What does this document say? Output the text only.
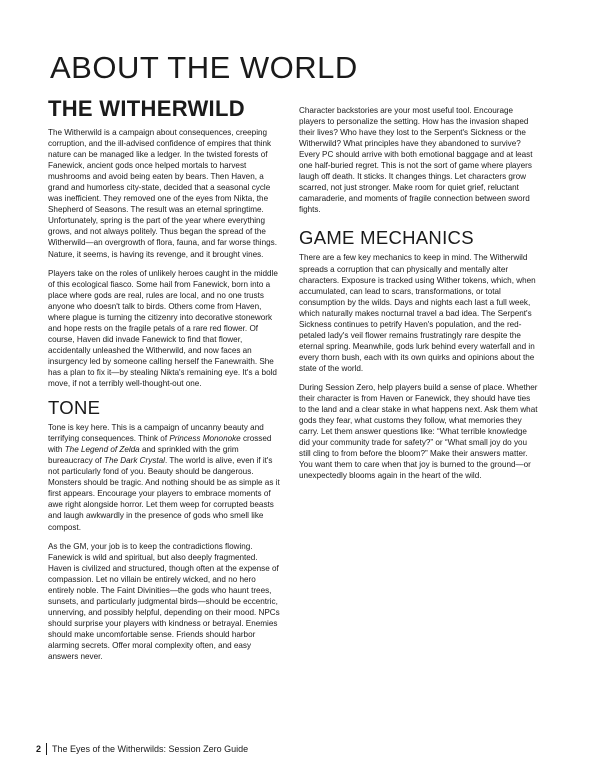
ABOUT THE WORLD
THE WITHERWILD

The Witherwild is a campaign about consequences, creeping corruption, and the ill-advised confidence of empires that think nature can be managed like a ledger. In the twisted forests of Fanewick, ancient gods once helped mortals to harvest mushrooms and avoid being eaten by bears. Then Haven, a grand and humorless city-state, decided that a seasonal cycle was inefficient. They removed one of the eyes from Nikta, the Shepherd of Seasons. The result was an eternal springtime. Unfortunately, spring is the part of the year where everything grows, and not always politely. Thus began the spread of the Witherwild—an overgrowth of flora, fauna, and far worse things. Nature, it seems, is having its revenge, and it brought vines.

Players take on the roles of unlikely heroes caught in the middle of this ecological fiasco. Some hail from Fanewick, born into a place where gods are real, rules are local, and no one trusts anyone who doesn't talk to birds. Others come from Haven, where plague is turning the citizenry into decorative stonework and hope rests on the fragile petals of a rare red flower. Of course, Haven did invade Fanewick to find that flower, accidentally unleashed the Witherwild, and now faces an insurgency led by someone calling herself the Fanewraith. She has a plan to fix it—by stealing Nikta's remaining eye. It's a bold move, if not a terribly well-thought-out one.

TONE

Tone is key here. This is a campaign of uncanny beauty and terrifying consequences. Think of Princess Mononoke crossed with The Legend of Zelda and sprinkled with the grim bureaucracy of The Dark Crystal. The world is alive, even if it's not particularly fond of you. Beauty should be dangerous. Monsters should be tragic. And nothing should be as simple as it first appears. Encourage your players to embrace moments of awe right alongside horror. Let them weep for corrupted beasts and laugh awkwardly in the presence of gods who smell like compost.

As the GM, your job is to keep the contradictions flowing. Fanewick is wild and spiritual, but also deeply fragmented. Haven is civilized and structured, though often at the expense of compassion. Let no villain be entirely wicked, and no hero entirely noble. The Faint Divinities—the gods who haunt trees, sunsets, and particularly judgmental birds—should be eccentric, unnerving, and possibly helpful, depending on their mood. NPCs should surprise your players with kindness or betrayal. Enemies should make uncomfortable sense. Friends should harbor alarming secrets. Offer moral complexity often, and easy answers never.

Character backstories are your most useful tool. Encourage players to personalize the setting. How has the invasion shaped their lives? Who have they lost to the Serpent's Sickness or the Witherwild? What principles have they abandoned to survive? Every PC should arrive with both emotional baggage and at least one half-buried regret. This is not the sort of game where players laugh off death. It sticks. It changes things. Let characters grow scarred, not just stronger. Make room for quiet grief, reluctant camaraderie, and moments of fragile connection between sword fights.

GAME MECHANICS

There are a few key mechanics to keep in mind. The Witherwild spreads a corruption that can physically and mentally alter characters. Exposure is tracked using Wither tokens, which, when accumulated, can lead to scars, transformations, or total consumption by the wilds. Days and nights each last a full week, which naturally makes nocturnal travel a bad idea. The Serpent's Sickness continues to petrify Haven's population, and the red-petaled lady's veil flower remains frustratingly rare despite the eternal spring. Meanwhile, gods lurk behind every waterfall and in every thorn bush, each with its own quirks and opinions about the state of the world.

During Session Zero, help players build a sense of place. Whether their character is from Haven or Fanewick, they should have ties to the land and a clear stake in what happens next. Ask them what gods they fear, what customs they follow, what memories they carry. Let them answer questions like: “What terrible knowledge did your community trade for safety?” or “What small joy do you still cling to from before the bloom?” Make their answers matter. You want them to care when that joy is burned to the ground—or unexpectedly blooms again in the heart of the wild.

2 The Eyes of the Witherwilds: Session Zero Guide
